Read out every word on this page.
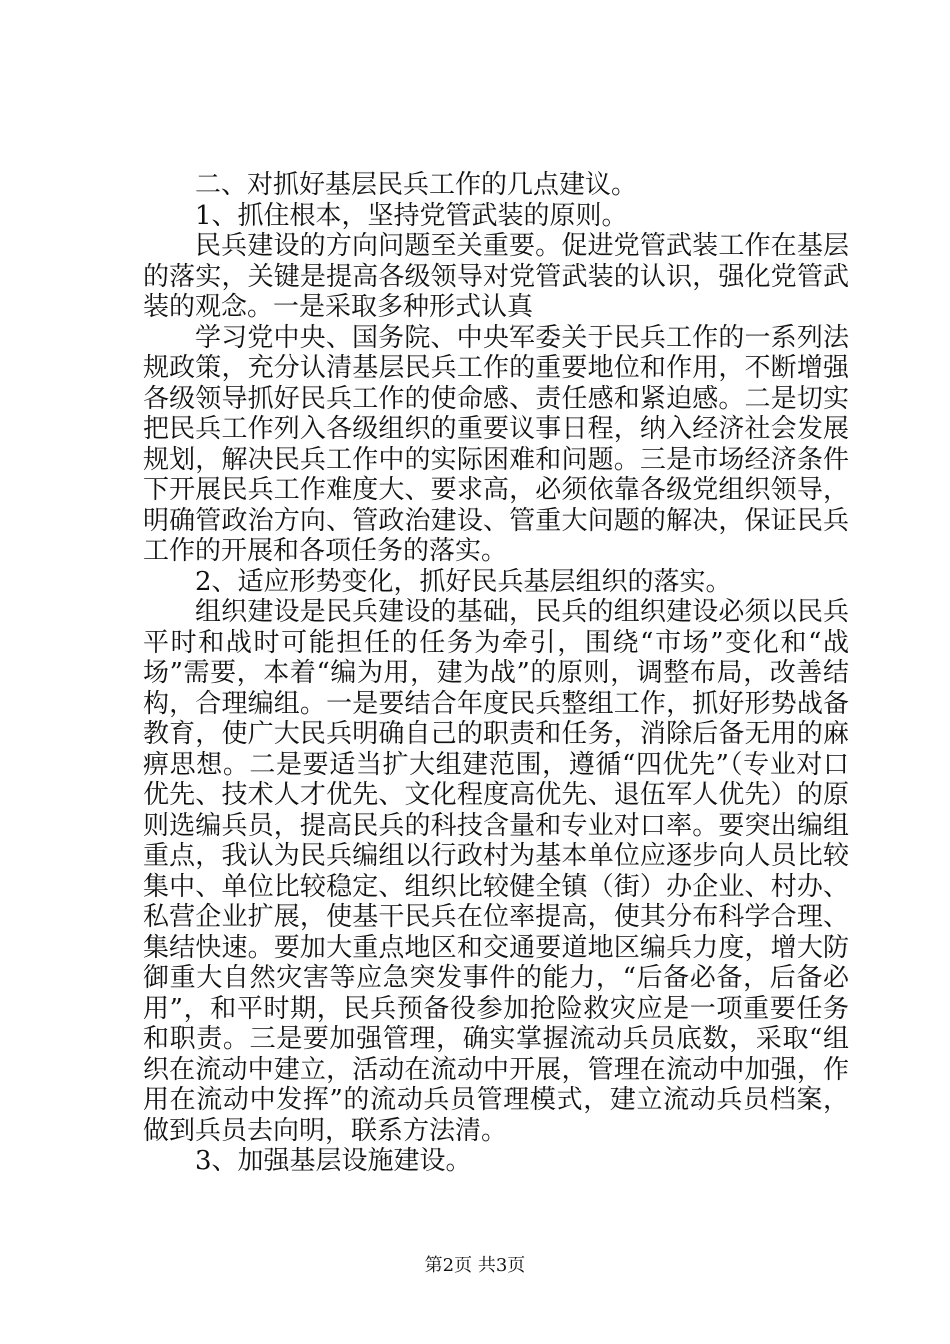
二、对抓好基层民兵工作的几点建议。

1、抓住根本，坚持党管武装的原则。

民兵建设的方向问题至关重要。促进党管武装工作在基层的落实，关键是提高各级领导对党管武装的认识，强化党管武装的观念。一是采取多种形式认真

学习党中央、国务院、中央军委关于民兵工作的一系列法规政策，充分认清基层民兵工作的重要地位和作用，不断增强各级领导抓好民兵工作的使命感、责任感和紧迫感。二是切实把民兵工作列入各级组织的重要议事日程，纳入经济社会发展规划，解决民兵工作中的实际困难和问题。三是市场经济条件下开展民兵工作难度大、要求高，必须依靠各级党组织领导，明确管政治方向、管政治建设、管重大问题的解决，保证民兵工作的开展和各项任务的落实。

2、适应形势变化，抓好民兵基层组织的落实。

组织建设是民兵建设的基础，民兵的组织建设必须以民兵平时和战时可能担任的任务为牵引，围绕“市场”变化和“战场”需要，本着“编为用，建为战”的原则，调整布局，改善结构，合理编组。一是要结合年度民兵整组工作，抓好形势战备教育，使广大民兵明确自己的职责和任务，消除后备无用的麻痹思想。二是要适当扩大组建范围，遵循“四优先”（专业对口优先、技术人才优先、文化程度高优先、退伍军人优先）的原则选编兵员，提高民兵的科技含量和专业对口率。要突出编组重点，我认为民兵编组以行政村为基本单位应逐步向人员比较集中、单位比较稳定、组织比较健全镇（街）办企业、村办、私营企业扩展，使基干民兵在位率提高，使其分布科学合理、集结快速。要加大重点地区和交通要道地区编兵力度，增大防御重大自然灾害等应急突发事件的能力，“后备必备，后备必用”，和平时期，民兵预备役参加抢险救灾应是一项重要任务和职责。三是要加强管理，确实掌握流动兵员底数，采取“组织在流动中建立，活动在流动中开展，管理在流动中加强，作用在流动中发挥”的流动兵员管理模式，建立流动兵员档案，做到兵员去向明，联系方法清。

3、加强基层设施建设。

第2页 共3页
